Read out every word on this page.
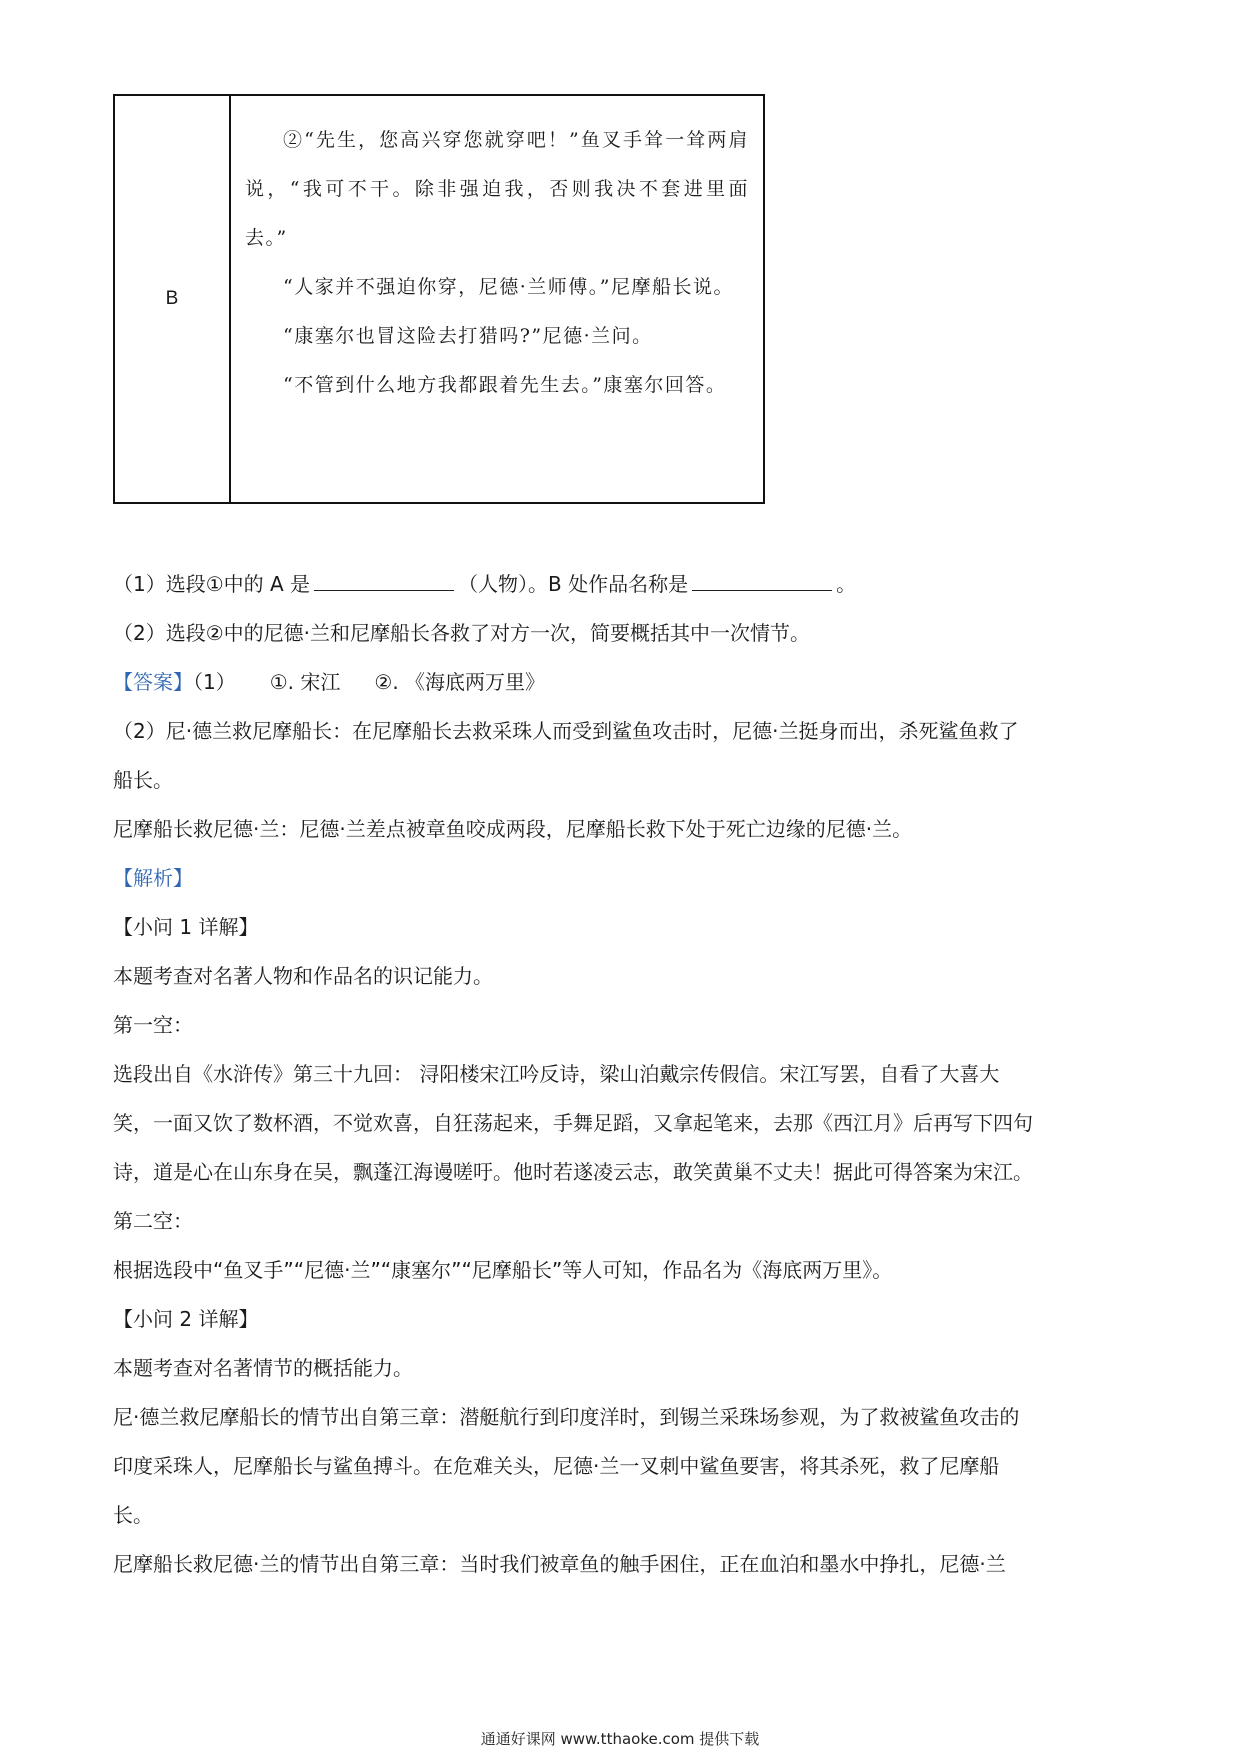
B

②“先生，您高兴穿您就穿吧！”鱼叉手耸一耸两肩说，“我可不干。除非强迫我，否则我决不套进里面去。”

“人家并不强迫你穿，尼德·兰师傅。”尼摩船长说。

“康塞尔也冒这险去打猎吗?”尼德·兰问。

“不管到什么地方我都跟着先生去。”康塞尔回答。

（1）选段①中的 A 是	（人物）。B 处作品名称是	。

（2）选段②中的尼德·兰和尼摩船长各救了对方一次，简要概括其中一次情节。

【答案】（1） ①. 宋江 ②. 《海底两万里》

（2）尼·德兰救尼摩船长：在尼摩船长去救采珠人而受到鲨鱼攻击时，尼德·兰挺身而出，杀死鲨鱼救了

船长。

尼摩船长救尼德·兰：尼德·兰差点被章鱼咬成两段，尼摩船长救下处于死亡边缘的尼德·兰。

【解析】

【小问 1 详解】

本题考查对名著人物和作品名的识记能力。

第一空：

选段出自《水浒传》第三十九回： 浔阳楼宋江吟反诗，梁山泊戴宗传假信。宋江写罢，自看了大喜大

笑，一面又饮了数杯酒，不觉欢喜，自狂荡起来，手舞足蹈，又拿起笔来，去那《西江月》后再写下四句

诗，道是心在山东身在吴，飘蓬江海谩嗟吁。他时若遂凌云志，敢笑黄巢不丈夫！据此可得答案为宋江。

第二空：

根据选段中“鱼叉手”“尼德·兰”“康塞尔”“尼摩船长”等人可知，作品名为《海底两万里》。

【小问 2 详解】

本题考查对名著情节的概括能力。

尼·德兰救尼摩船长的情节出自第三章：潜艇航行到印度洋时，到锡兰采珠场参观，为了救被鲨鱼攻击的

印度采珠人，尼摩船长与鲨鱼搏斗。在危难关头，尼德·兰一叉刺中鲨鱼要害，将其杀死，救了尼摩船

长。

尼摩船长救尼德·兰的情节出自第三章：当时我们被章鱼的触手困住，正在血泊和墨水中挣扎，尼德·兰

通通好课网 www.tthaoke.com 提供下载
